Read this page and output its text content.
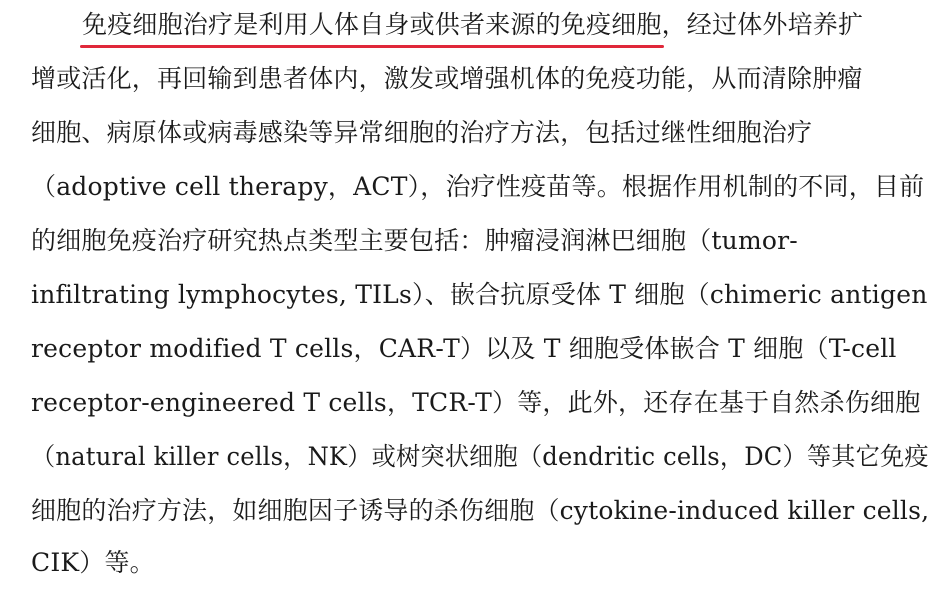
免疫细胞治疗是利用人体自身或供者来源的免疫细胞，经过体外培养扩
增或活化，再回输到患者体内，激发或增强机体的免疫功能，从而清除肿瘤
细胞、病原体或病毒感染等异常细胞的治疗方法，包括过继性细胞治疗
（adoptive cell therapy，ACT），治疗性疫苗等。根据作用机制的不同，目前
的细胞免疫治疗研究热点类型主要包括：肿瘤浸润淋巴细胞（tumor-
infiltrating lymphocytes, TILs）、嵌合抗原受体 T 细胞（chimeric antigen
receptor modified T cells，CAR-T）以及 T 细胞受体嵌合 T 细胞（T-cell
receptor-engineered T cells，TCR-T）等，此外，还存在基于自然杀伤细胞
（natural killer cells，NK）或树突状细胞（dendritic cells，DC）等其它免疫
细胞的治疗方法，如细胞因子诱导的杀伤细胞（cytokine-induced killer cells,
CIK）等。
